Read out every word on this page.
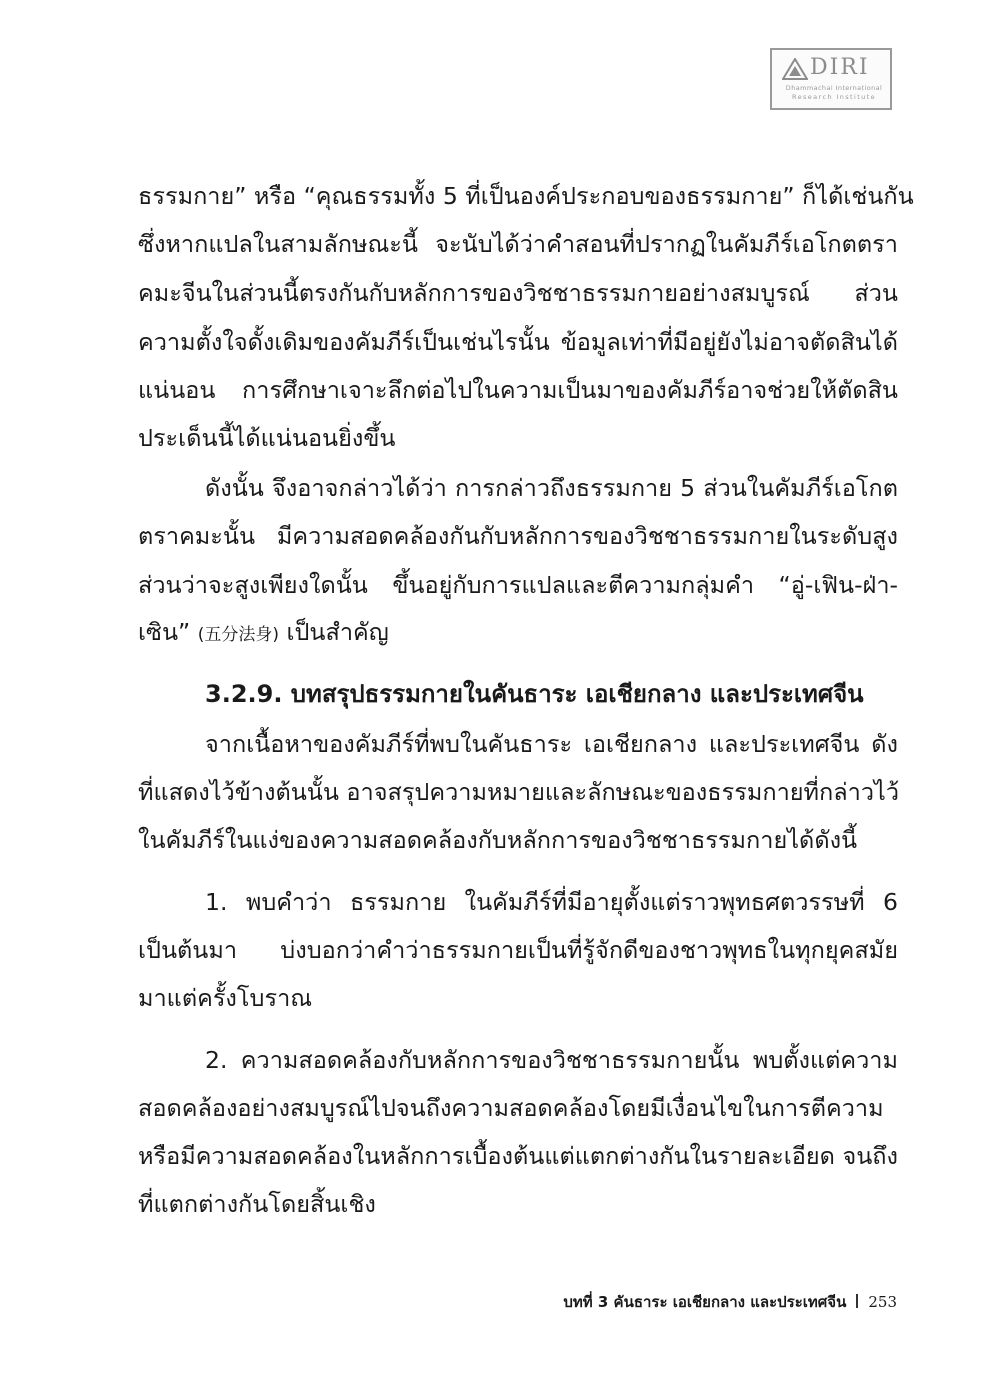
DIRI
Dhammachai International
Research Institute

ธรรมกาย” หรือ “คุณธรรมทั้ง 5 ที่เป็นองค์ประกอบของธรรมกาย” ก็ได้เช่นกัน

ซึ่งหากแปลในสามลักษณะนี้ จะนับได้ว่าคำสอนที่ปรากฏในคัมภีร์เอโกตตรา

คมะจีนในส่วนนี้ตรงกันกับหลักการของวิชชาธรรมกายอย่างสมบูรณ์ ส่วน

ความตั้งใจดั้งเดิมของคัมภีร์เป็นเช่นไรนั้น ข้อมูลเท่าที่มีอยู่ยังไม่อาจตัดสินได้

แน่นอน การศึกษาเจาะลึกต่อไปในความเป็นมาของคัมภีร์อาจช่วยให้ตัดสิน

ประเด็นนี้ได้แน่นอนยิ่งขึ้น

ดังนั้น จึงอาจกล่าวได้ว่า การกล่าวถึงธรรมกาย 5 ส่วนในคัมภีร์เอโกต

ตราคมะนั้น มีความสอดคล้องกันกับหลักการของวิชชาธรรมกายในระดับสูง

ส่วนว่าจะสูงเพียงใดนั้น ขึ้นอยู่กับการแปลและตีความกลุ่มคำ “อู่-เฟิน-ฝ่า-

เซิน” (五分法身) เป็นสำคัญ

3.2.9. บทสรุปธรรมกายในคันธาระ เอเชียกลาง และประเทศจีน

จากเนื้อหาของคัมภีร์ที่พบในคันธาระ เอเชียกลาง และประเทศจีน ดัง

ที่แสดงไว้ข้างต้นนั้น อาจสรุปความหมายและลักษณะของธรรมกายที่กล่าวไว้

ในคัมภีร์ในแง่ของความสอดคล้องกับหลักการของวิชชาธรรมกายได้ดังนี้

1. พบคำว่า ธรรมกาย ในคัมภีร์ที่มีอายุตั้งแต่ราวพุทธศตวรรษที่ 6

เป็นต้นมา บ่งบอกว่าคำว่าธรรมกายเป็นที่รู้จักดีของชาวพุทธในทุกยุคสมัย

มาแต่ครั้งโบราณ

2. ความสอดคล้องกับหลักการของวิชชาธรรมกายนั้น พบตั้งแต่ความ

สอดคล้องอย่างสมบูรณ์ไปจนถึงความสอดคล้องโดยมีเงื่อนไขในการตีความ

หรือมีความสอดคล้องในหลักการเบื้องต้นแต่แตกต่างกันในรายละเอียด จนถึง

ที่แตกต่างกันโดยสิ้นเชิง

บทที่ 3 คันธาระ เอเชียกลาง และประเทศจีน 253
